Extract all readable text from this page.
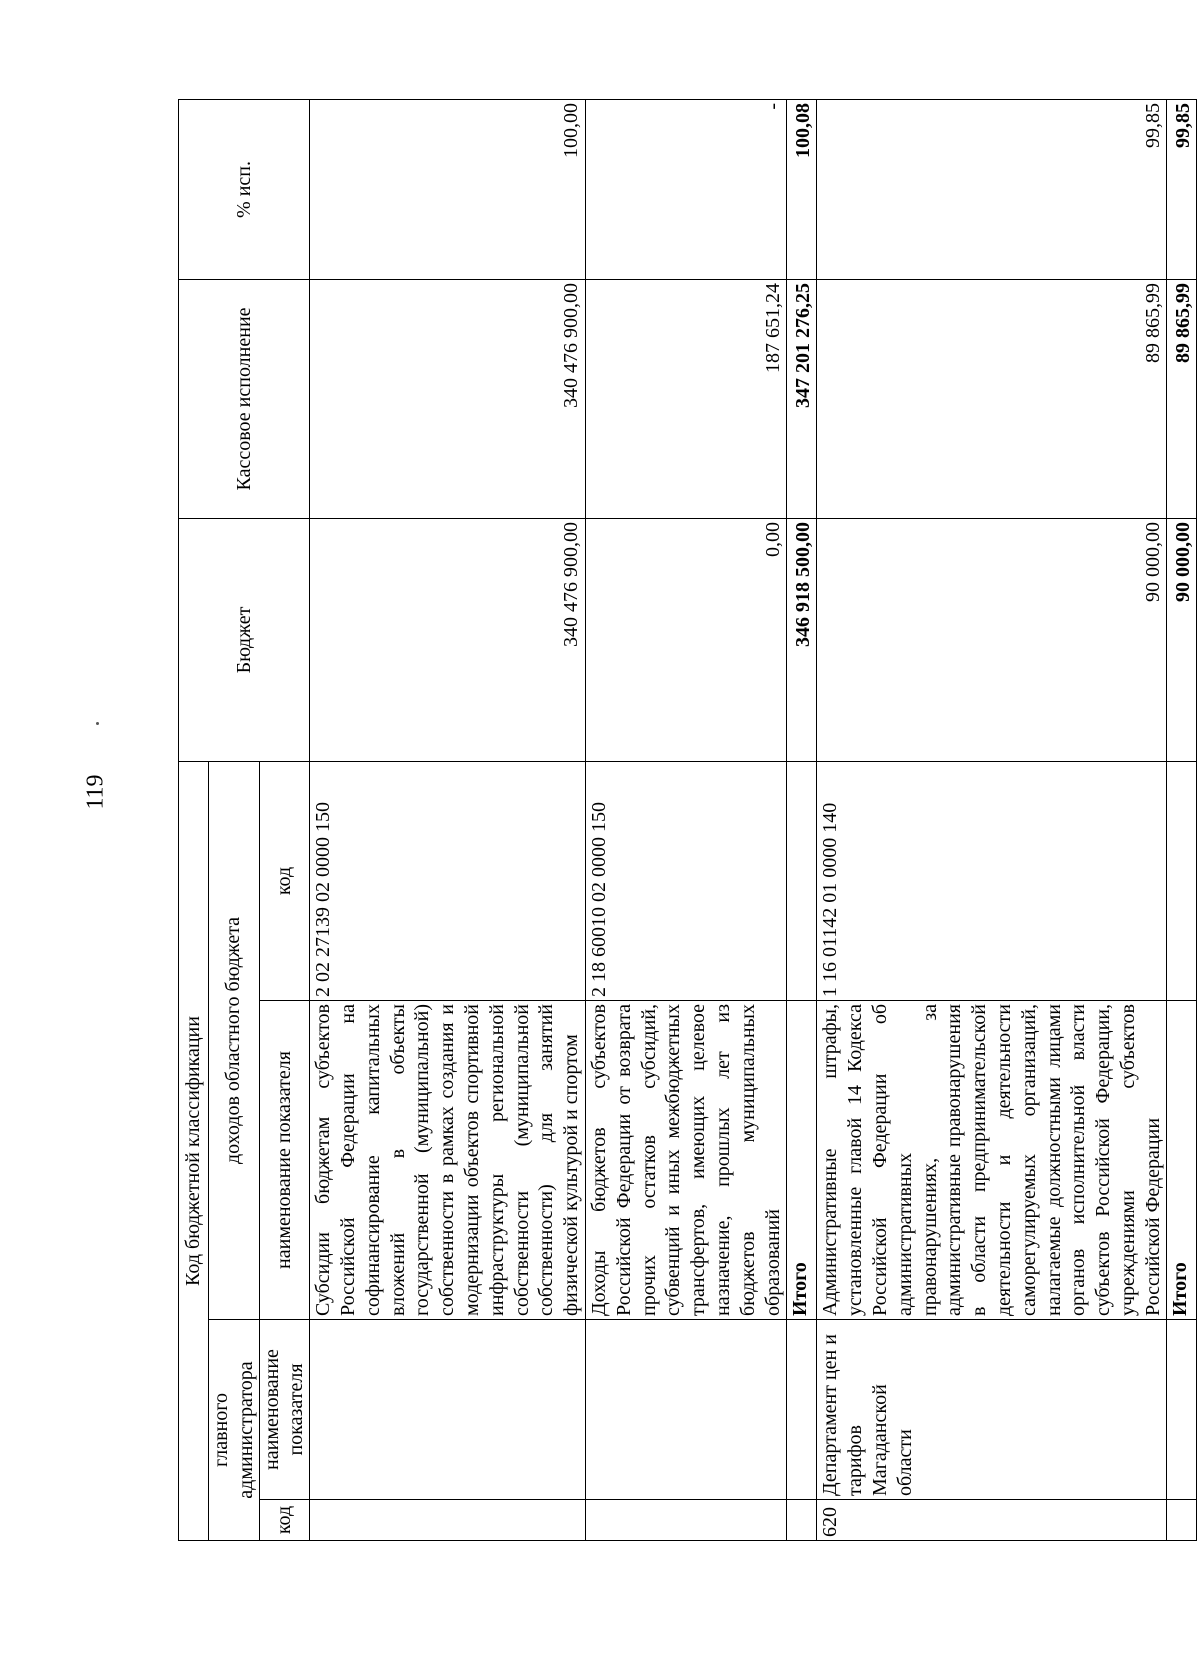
119
Код бюджетной классификации				Бюджет	Кассовое исполнение	% исп.
главного администратора		доходов областного бюджета				
код	наименование показателя	наименование показателя	код			
		Субсидии бюджетам субъектов Российской Федерации на софинансирование капитальных вложений в объекты государственной (муниципальной) собственности в рамках создания и модернизации объектов спортивной инфраструктуры региональной собственности (муниципальной собственности) для занятий физической культурой и спортом	2 02 27139 02 0000 150	340 476 900,00	340 476 900,00	100,00
		Доходы бюджетов субъектов Российской Федерации от возврата прочих остатков субсидий, субвенций и иных межбюджетных трансфертов, имеющих целевое назначение, прошлых лет из бюджетов муниципальных образований	2 18 60010 02 0000 150	0,00	187 651,24	-
		Итого		346 918 500,00	347 201 276,25	100,08
620	Департамент цен и тарифов Магаданской области	Административные штрафы, установленные главой 14 Кодекса Российской Федерации об административных правонарушениях, за административные правонарушения в области предпринимательской деятельности и деятельности саморегулируемых организаций, налагаемые должностными лицами органов исполнительной власти субъектов Российской Федерации, учреждениями субъектов Российской Федерации	1 16 01142 01 0000 140	90 000,00	89 865,99	99,85
		Итого		90 000,00	89 865,99	99,85
